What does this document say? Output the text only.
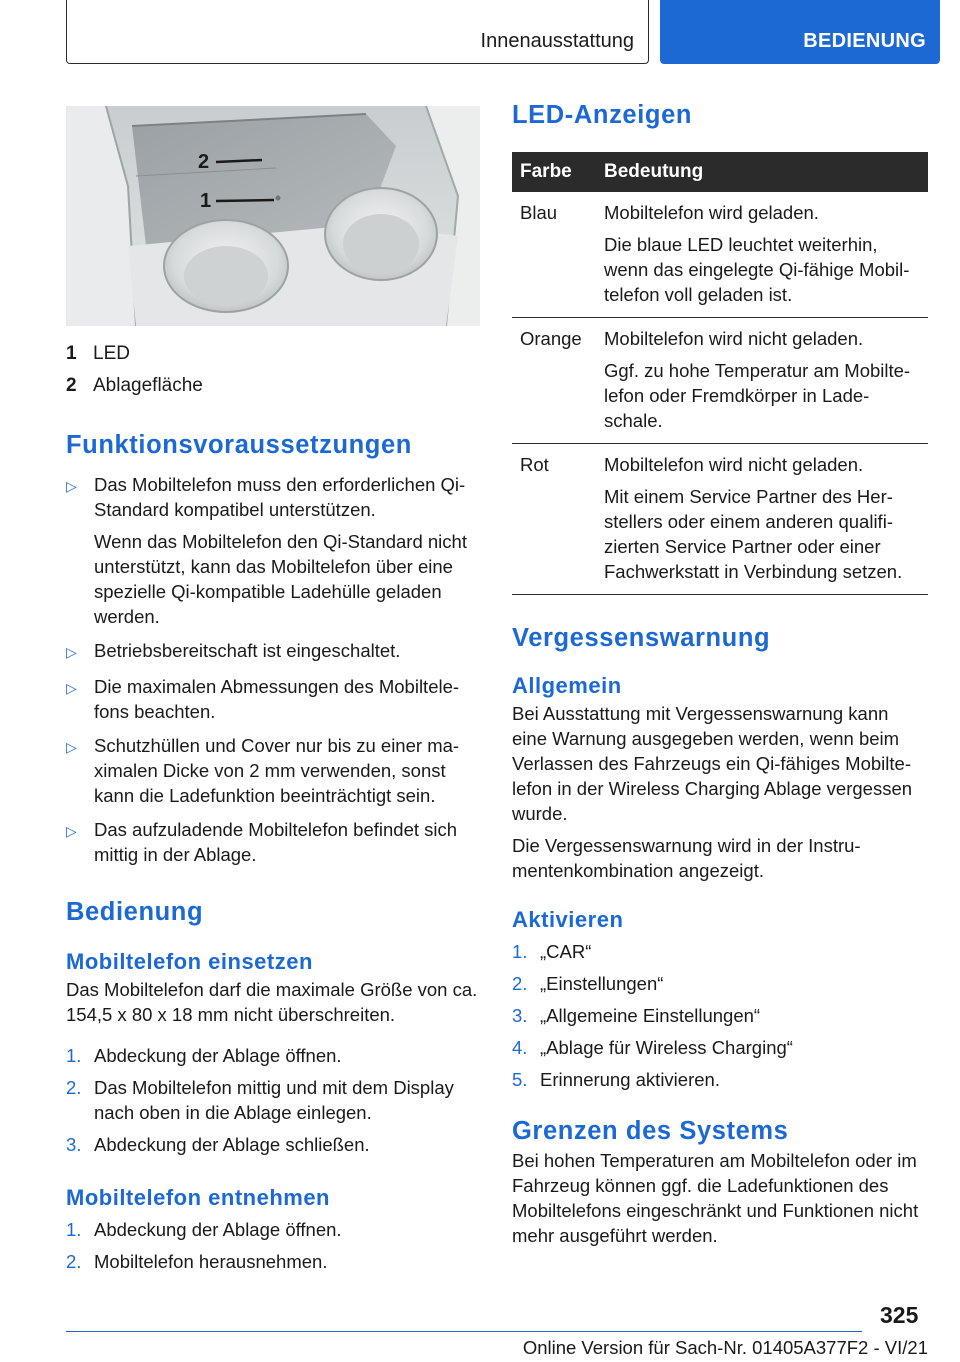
Innenausstattung	BEDIENUNG
2
1
1 LED
2 Ablagefläche
Funktionsvoraussetzungen
▷ Das Mobiltelefon muss den erforderlichen Qi-Standard kompatibel unterstützen.

Wenn das Mobiltelefon den Qi-Standard nicht unterstützt, kann das Mobiltelefon über eine spezielle Qi-kompatible Ladehülle geladen werden.

▷ Betriebsbereitschaft ist eingeschaltet.

▷ Die maximalen Abmessungen des Mobiltelefons beachten.

▷ Schutzhüllen und Cover nur bis zu einer maximalen Dicke von 2 mm verwenden, sonst kann die Ladefunktion beeinträchtigt sein.

▷ Das aufzuladende Mobiltelefon befindet sich mittig in der Ablage.

Bedienung
Mobiltelefon einsetzen

Das Mobiltelefon darf die maximale Größe von ca. 154,5 x 80 x 18 mm nicht überschreiten.

1. Abdeckung der Ablage öffnen.
2. Das Mobiltelefon mittig und mit dem Display nach oben in die Ablage einlegen.
3. Abdeckung der Ablage schließen.
Mobiltelefon entnehmen
1. Abdeckung der Ablage öffnen.
2. Mobiltelefon herausnehmen.
LED-Anzeigen
Farbe	Bedeutung
Blau	Mobiltelefon wird geladen.

Die blaue LED leuchtet weiterhin, wenn das eingelegte Qi-fähige Mobiltelefon voll geladen ist.

Orange	Mobiltelefon wird nicht geladen.

Ggf. zu hohe Temperatur am Mobiltelefon oder Fremdkörper in Ladeschale.

Rot	Mobiltelefon wird nicht geladen.

Mit einem Service Partner des Herstellers oder einem anderen qualifizierten Service Partner oder einer Fachwerkstatt in Verbindung setzen.

Vergessenswarnung
Allgemein

Bei Ausstattung mit Vergessenswarnung kann eine Warnung ausgegeben werden, wenn beim Verlassen des Fahrzeugs ein Qi-fähiges Mobiltelefon in der Wireless Charging Ablage vergessen wurde.

Die Vergessenswarnung wird in der Instrumentenkombination angezeigt.

Aktivieren
1. „CAR“
2. „Einstellungen“
3. „Allgemeine Einstellungen“
4. „Ablage für Wireless Charging“
5. Erinnerung aktivieren.
Grenzen des Systems

Bei hohen Temperaturen am Mobiltelefon oder im Fahrzeug können ggf. die Ladefunktionen des Mobiltelefons eingeschränkt und Funktionen nicht mehr ausgeführt werden.

325
Online Version für Sach-Nr. 01405A377F2 - VI/21
